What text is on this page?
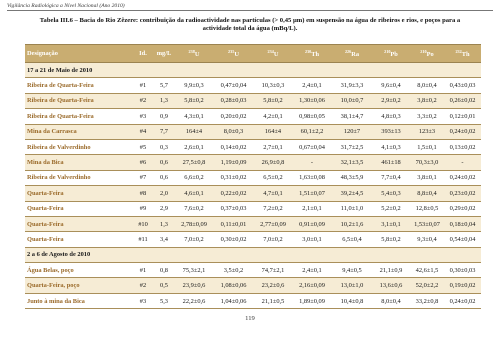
Vigilância Radiológica a Nível Nacional (Ano 2010)
Tabela III.6 – Bacia do Rio Zêzere: contribuição da radioactividade nas partículas (> 0,45 µm) em suspensão na água de ribeiros e rios, e poços para a
actividade total da água (mBq/L).
Designação	Id.	mg/L	$^{238}$U	$^{235}$U	$^{234}$U	$^{230}$Th	$^{226}$Ra	$^{210}$Pb	$^{210}$Po	$^{232}$Th
17 a 21 de Maio de 2010										
Ribeira de Quarta-Feira	#1	5,7	9,9±0,3	0,47±0,04	10,3±0,3	2,4±0,1	31,9±3,3	9,6±0,4	8,0±0,4	0,43±0,03
Ribeira de Quarta-Feira	#2	1,3	5,8±0,2	0,28±0,03	5,8±0,2	1,30±0,06	10,0±0,7	2,9±0,2	3,8±0,2	0,26±0,02
Ribeira de Quarta-Feira	#3	0,9	4,3±0,1	0,20±0,02	4,2±0,1	0,98±0,05	38,1±4,7	4,8±0,3	3,3±0,2	0,12±0,01
Mina da Carrasca	#4	7,7	164±4	8,0±0,3	164±4	60,1±2,2	120±7	393±13	123±3	0,24±0,02
Ribeira de Valverdinho	#5	0,3	2,6±0,1	0,14±0,02	2,7±0,1	0,67±0,04	31,7±2,5	4,1±0,3	1,5±0,1	0,13±0,02
Mina da Bica	#6	0,6	27,5±0,8	1,19±0,09	26,9±0,8	-	32,1±3,5	461±18	70,3±3,0	-
Ribeira de Valverdinho	#7	0,6	6,6±0,2	0,31±0,02	6,5±0,2	1,63±0,08	48,3±5,9	7,7±0,4	3,8±0,1	0,24±0,02
Quarta-Feira	#8	2,0	4,6±0,1	0,22±0,02	4,7±0,1	1,51±0,07	39,2±4,5	5,4±0,3	8,8±0,4	0,23±0,02
Quarta-Feira	#9	2,9	7,6±0,2	0,37±0,03	7,2±0,2	2,1±0,1	11,0±1,0	5,2±0,2	12,8±0,5	0,29±0,02
Quarta-Feira	#10	1,3	2,78±0,09	0,11±0,01	2,77±0,09	0,91±0,09	10,2±1,6	3,1±0,1	1,53±0,07	0,18±0,04
Quarta-Feira	#11	3,4	7,0±0,2	0,30±0,02	7,0±0,2	3,0±0,1	6,5±0,4	5,8±0,2	9,3±0,4	0,54±0,04
2 a 6 de Agosto de 2010										
Água Belas, poço	#1	0,8	75,3±2,1	3,5±0,2	74,7±2,1	2,4±0,1	9,4±0,5	21,1±0,9	42,6±1,5	0,30±0,03
Quarta-Feira, poço	#2	0,5	23,9±0,6	1,08±0,06	23,2±0,6	2,16±0,09	13,0±1,0	13,6±0,6	52,0±2,2	0,19±0,02
Junto à mina da Bica	#3	5,3	22,2±0,6	1,04±0,06	21,1±0,5	1,89±0,09	10,4±0,8	8,0±0,4	33,2±0,8	0,24±0,02
119
